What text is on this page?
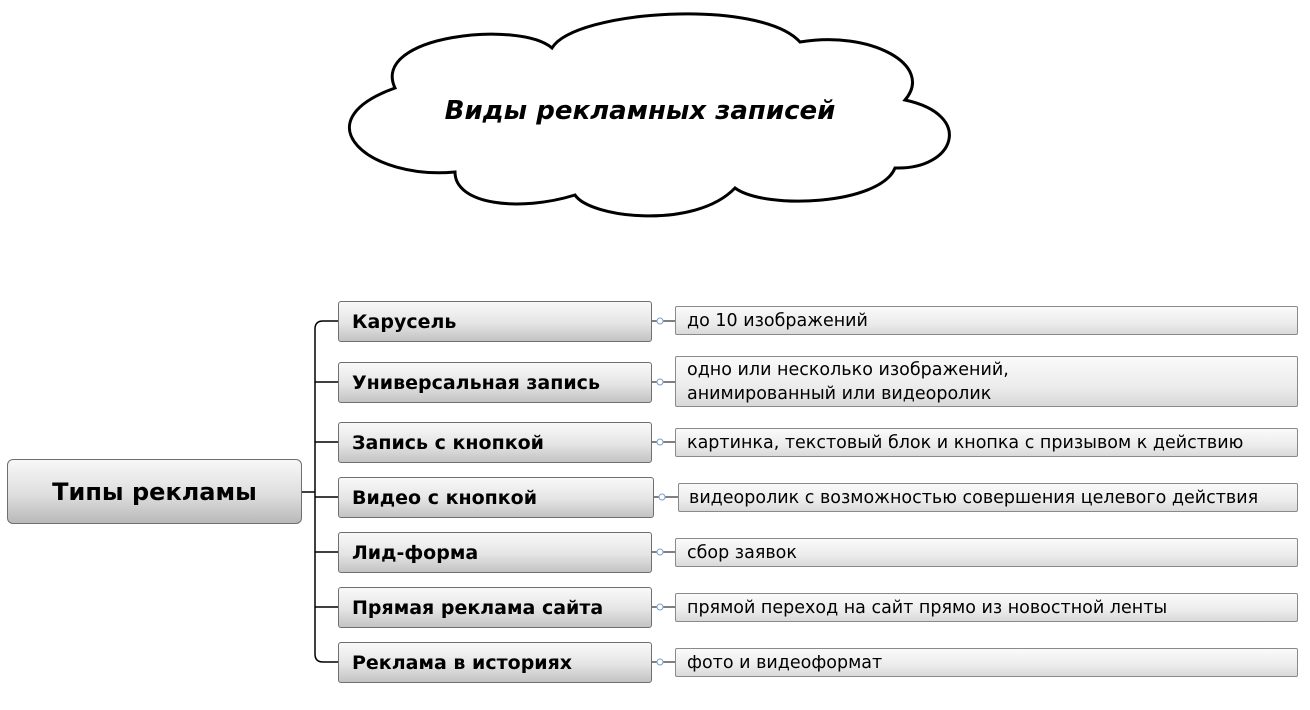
Виды рекламных записей
Типы рекламы
Карусель
Универсальная запись
Запись с кнопкой
Видео с кнопкой
Лид-форма
Прямая реклама сайта
Реклама в историях
до 10 изображений
одно или несколько изображений,
анимированный или видеоролик
картинка, текстовый блок и кнопка с призывом к действию
видеоролик с возможностью совершения целевого действия
сбор заявок
прямой переход на сайт прямо из новостной ленты
фото и видеоформат
